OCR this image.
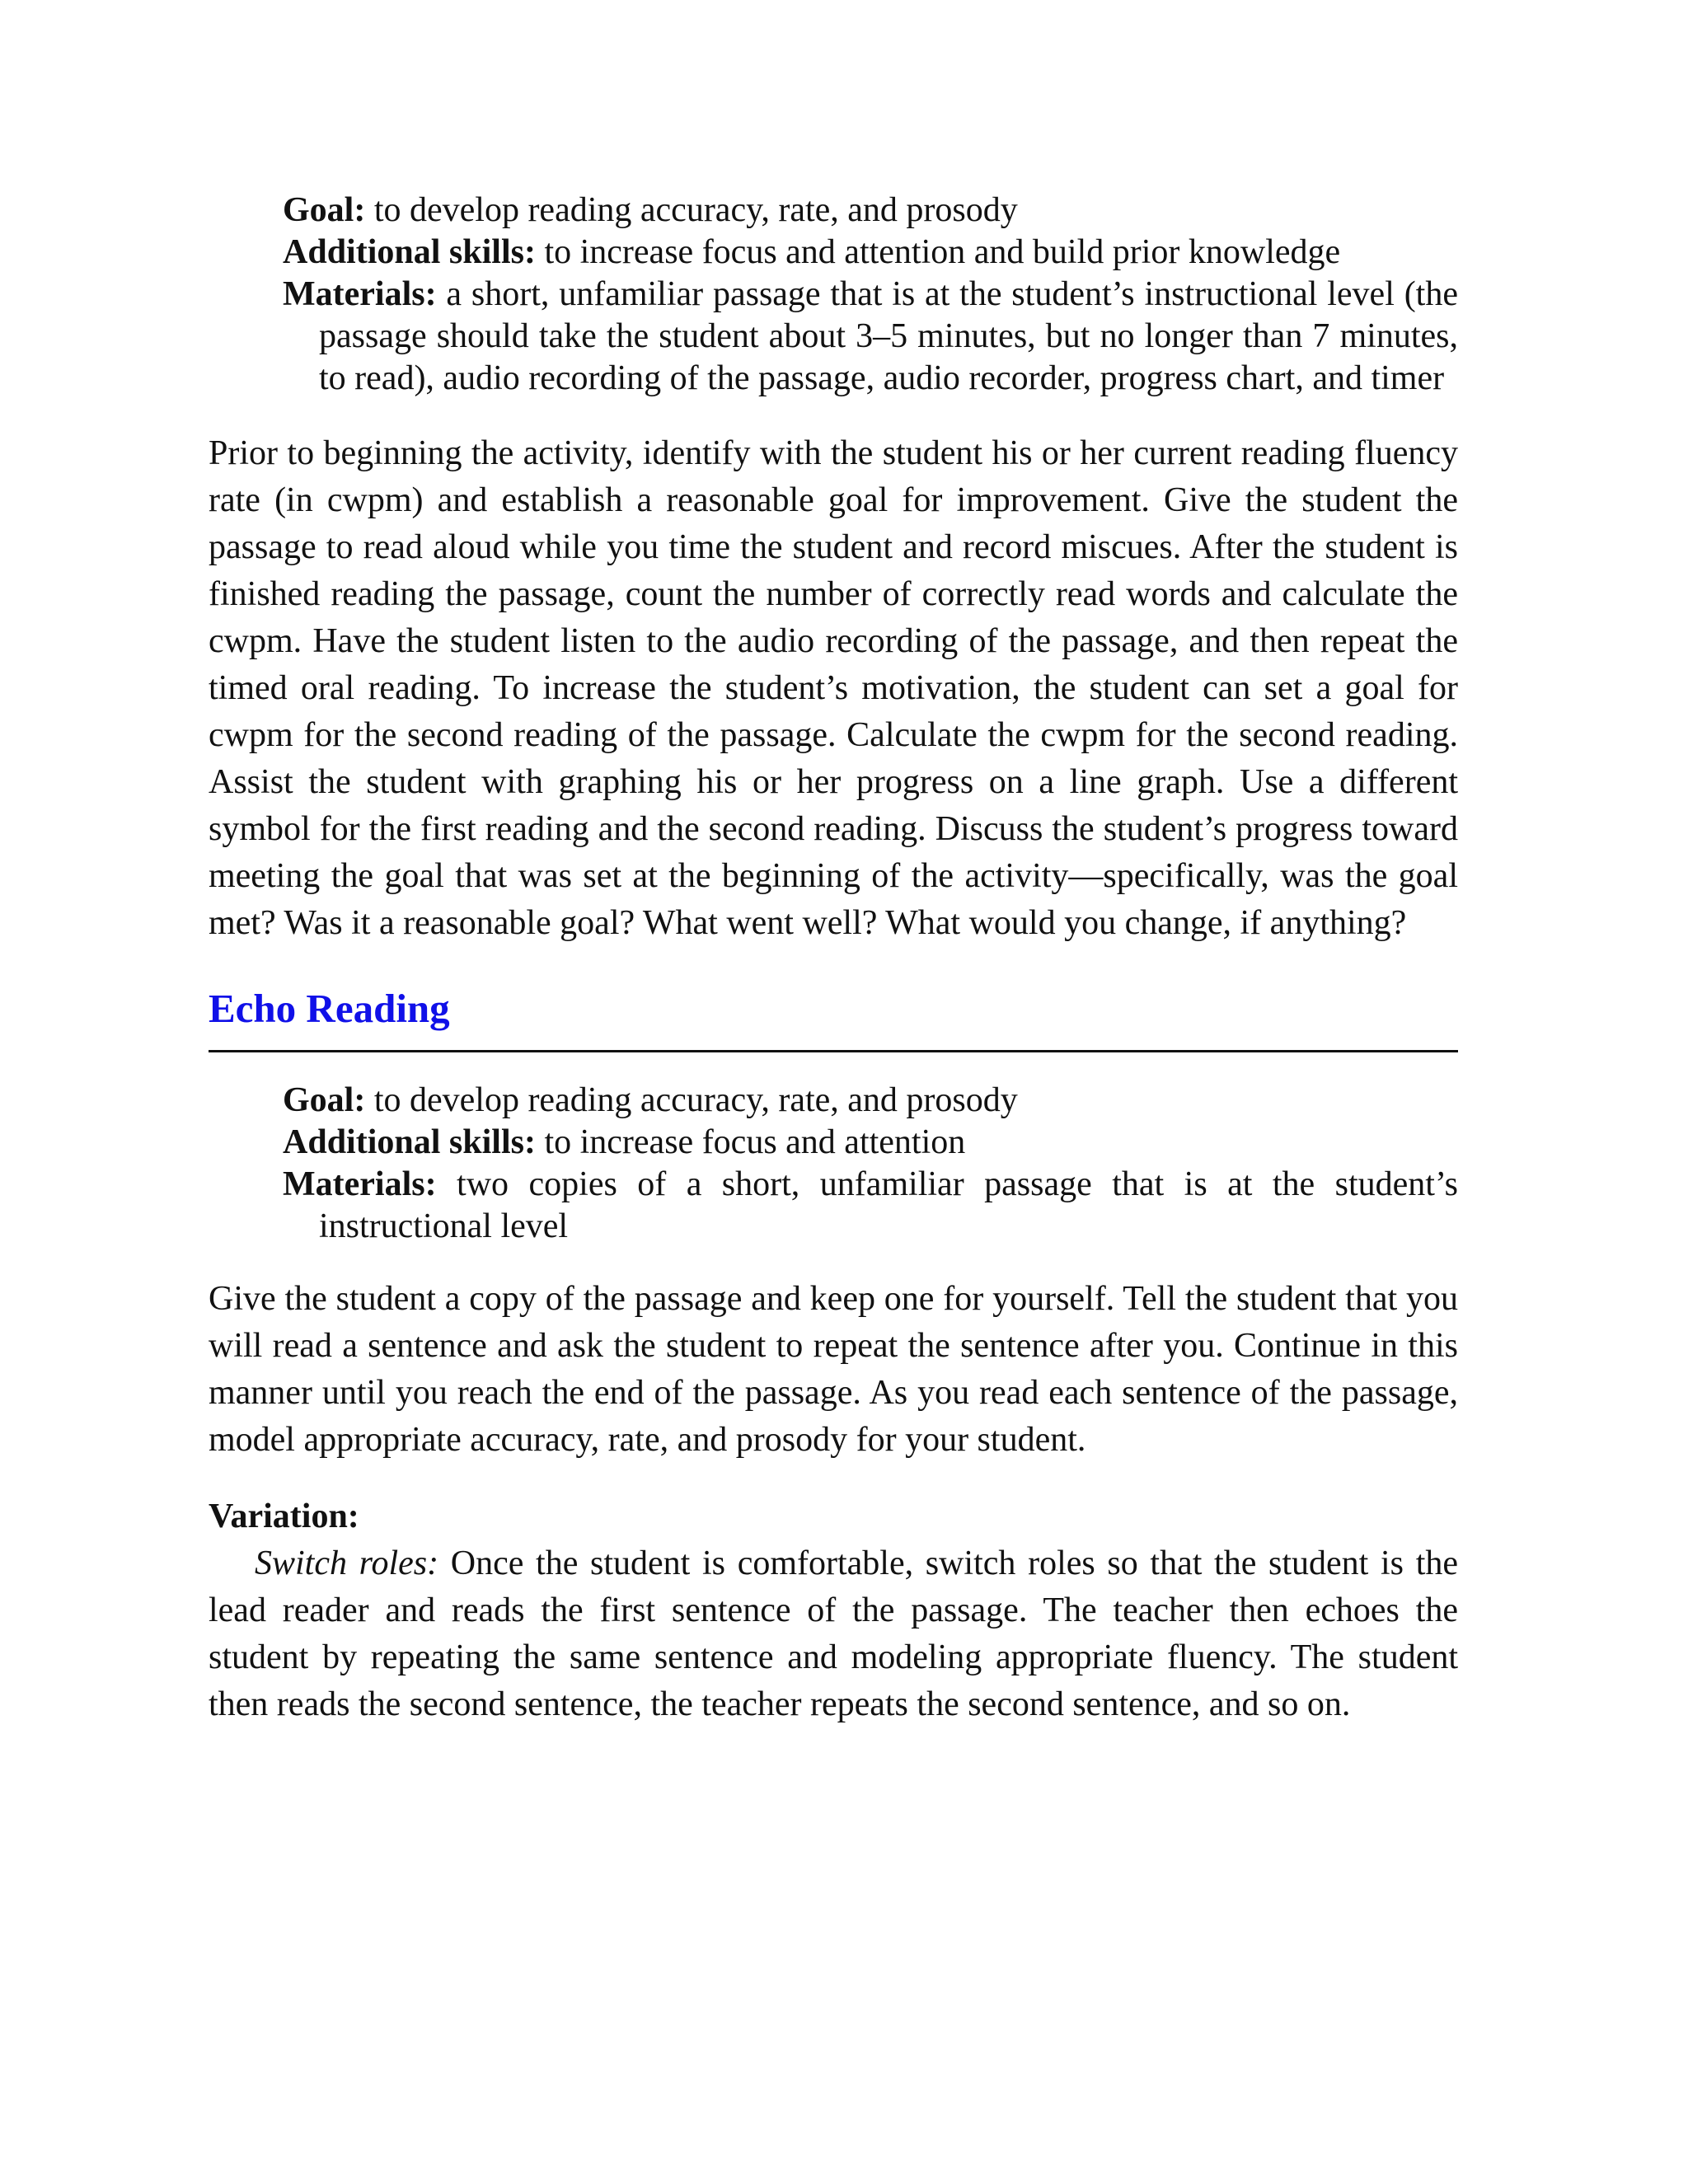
Goal: to develop reading accuracy, rate, and prosody
Additional skills: to increase focus and attention and build prior knowledge
Materials: a short, unfamiliar passage that is at the student’s instructional level (the passage should take the student about 3–5 minutes, but no longer than 7 minutes, to read), audio recording of the passage, audio recorder, progress chart, and timer

Prior to beginning the activity, identify with the student his or her current reading fluency rate (in cwpm) and establish a reasonable goal for improvement. Give the student the passage to read aloud while you time the student and record miscues. After the student is finished reading the passage, count the number of correctly read words and calculate the cwpm. Have the student listen to the audio recording of the passage, and then repeat the timed oral reading. To increase the student’s motivation, the student can set a goal for cwpm for the second reading of the passage. Calculate the cwpm for the second reading. Assist the student with graphing his or her progress on a line graph. Use a different symbol for the first reading and the second reading. Discuss the student’s progress toward meeting the goal that was set at the beginning of the activity—specifically, was the goal met? Was it a reasonable goal? What went well? What would you change, if anything?

Echo Reading
Goal: to develop reading accuracy, rate, and prosody
Additional skills: to increase focus and attention
Materials: two copies of a short, unfamiliar passage that is at the student’s instructional level

Give the student a copy of the passage and keep one for yourself. Tell the student that you will read a sentence and ask the student to repeat the sentence after you. Continue in this manner until you reach the end of the passage. As you read each sentence of the passage, model appropriate accuracy, rate, and prosody for your student.

Variation:

Switch roles: Once the student is comfortable, switch roles so that the student is the lead reader and reads the first sentence of the passage. The teacher then echoes the student by repeating the same sentence and modeling appropriate fluency. The student then reads the second sentence, the teacher repeats the second sentence, and so on.
